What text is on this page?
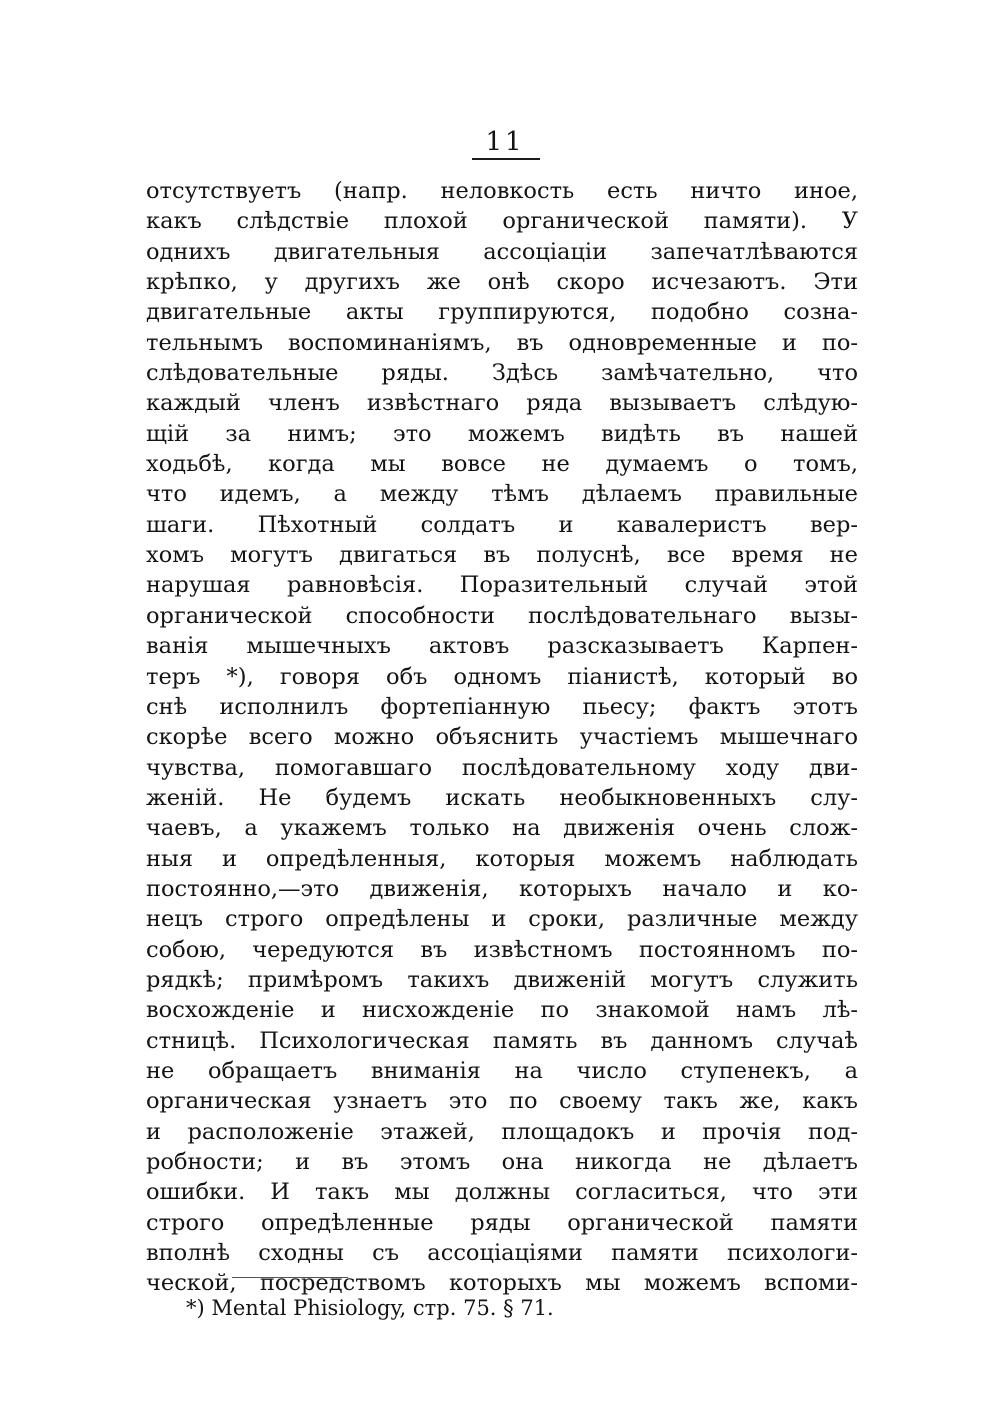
11
отсутствуетъ (напр. неловкость есть ничто иное,
какъ слѣдствіе плохой органической памяти). У
однихъ двигательныя ассоціаціи запечатлѣваются
крѣпко, у другихъ же онѣ скоро исчезаютъ. Эти
двигательные акты группируются, подобно созна-
тельнымъ воспоминаніямъ, въ одновременные и по-
слѣдовательные ряды. Здѣсь замѣчательно, что
каждый членъ извѣстнаго ряда вызываетъ слѣдую-
щій за нимъ; это можемъ видѣть въ нашей
ходьбѣ, когда мы вовсе не думаемъ о томъ,
что идемъ, а между тѣмъ дѣлаемъ правильные
шаги. Пѣхотный солдатъ и кавалеристъ вер-
хомъ могутъ двигаться въ полуснѣ, все время не
нарушая равновѣсія. Поразительный случай этой
органической способности послѣдовательнаго вызы-
ванія мышечныхъ актовъ разсказываетъ Карпен-
теръ *), говоря объ одномъ піанистѣ, который во
снѣ исполнилъ фортепіанную пьесу; фактъ этотъ
скорѣе всего можно объяснить участіемъ мышечнаго
чувства, помогавшаго послѣдовательному ходу дви-
женій. Не будемъ искать необыкновенныхъ слу-
чаевъ, а укажемъ только на движенія очень слож-
ныя и опредѣленныя, которыя можемъ наблюдать
постоянно,—это движенія, которыхъ начало и ко-
нецъ строго опредѣлены и сроки, различные между
собою, чередуются въ извѣстномъ постоянномъ по-
рядкѣ; примѣромъ такихъ движеній могутъ служить
восхожденіе и нисхожденіе по знакомой намъ лѣ-
стницѣ. Психологическая память въ данномъ случаѣ
не обращаетъ вниманія на число ступенекъ, а
органическая узнаетъ это по своему такъ же, какъ
и расположеніе этажей, площадокъ и прочія под-
робности; и въ этомъ она никогда не дѣлаетъ
ошибки. И такъ мы должны согласиться, что эти
строго опредѣленные ряды органической памяти
вполнѣ сходны съ ассоціаціями памяти психологи-
ческой, посредствомъ которыхъ мы можемъ вспоми-
*) Mental Phisiology, стр. 75. § 71.
